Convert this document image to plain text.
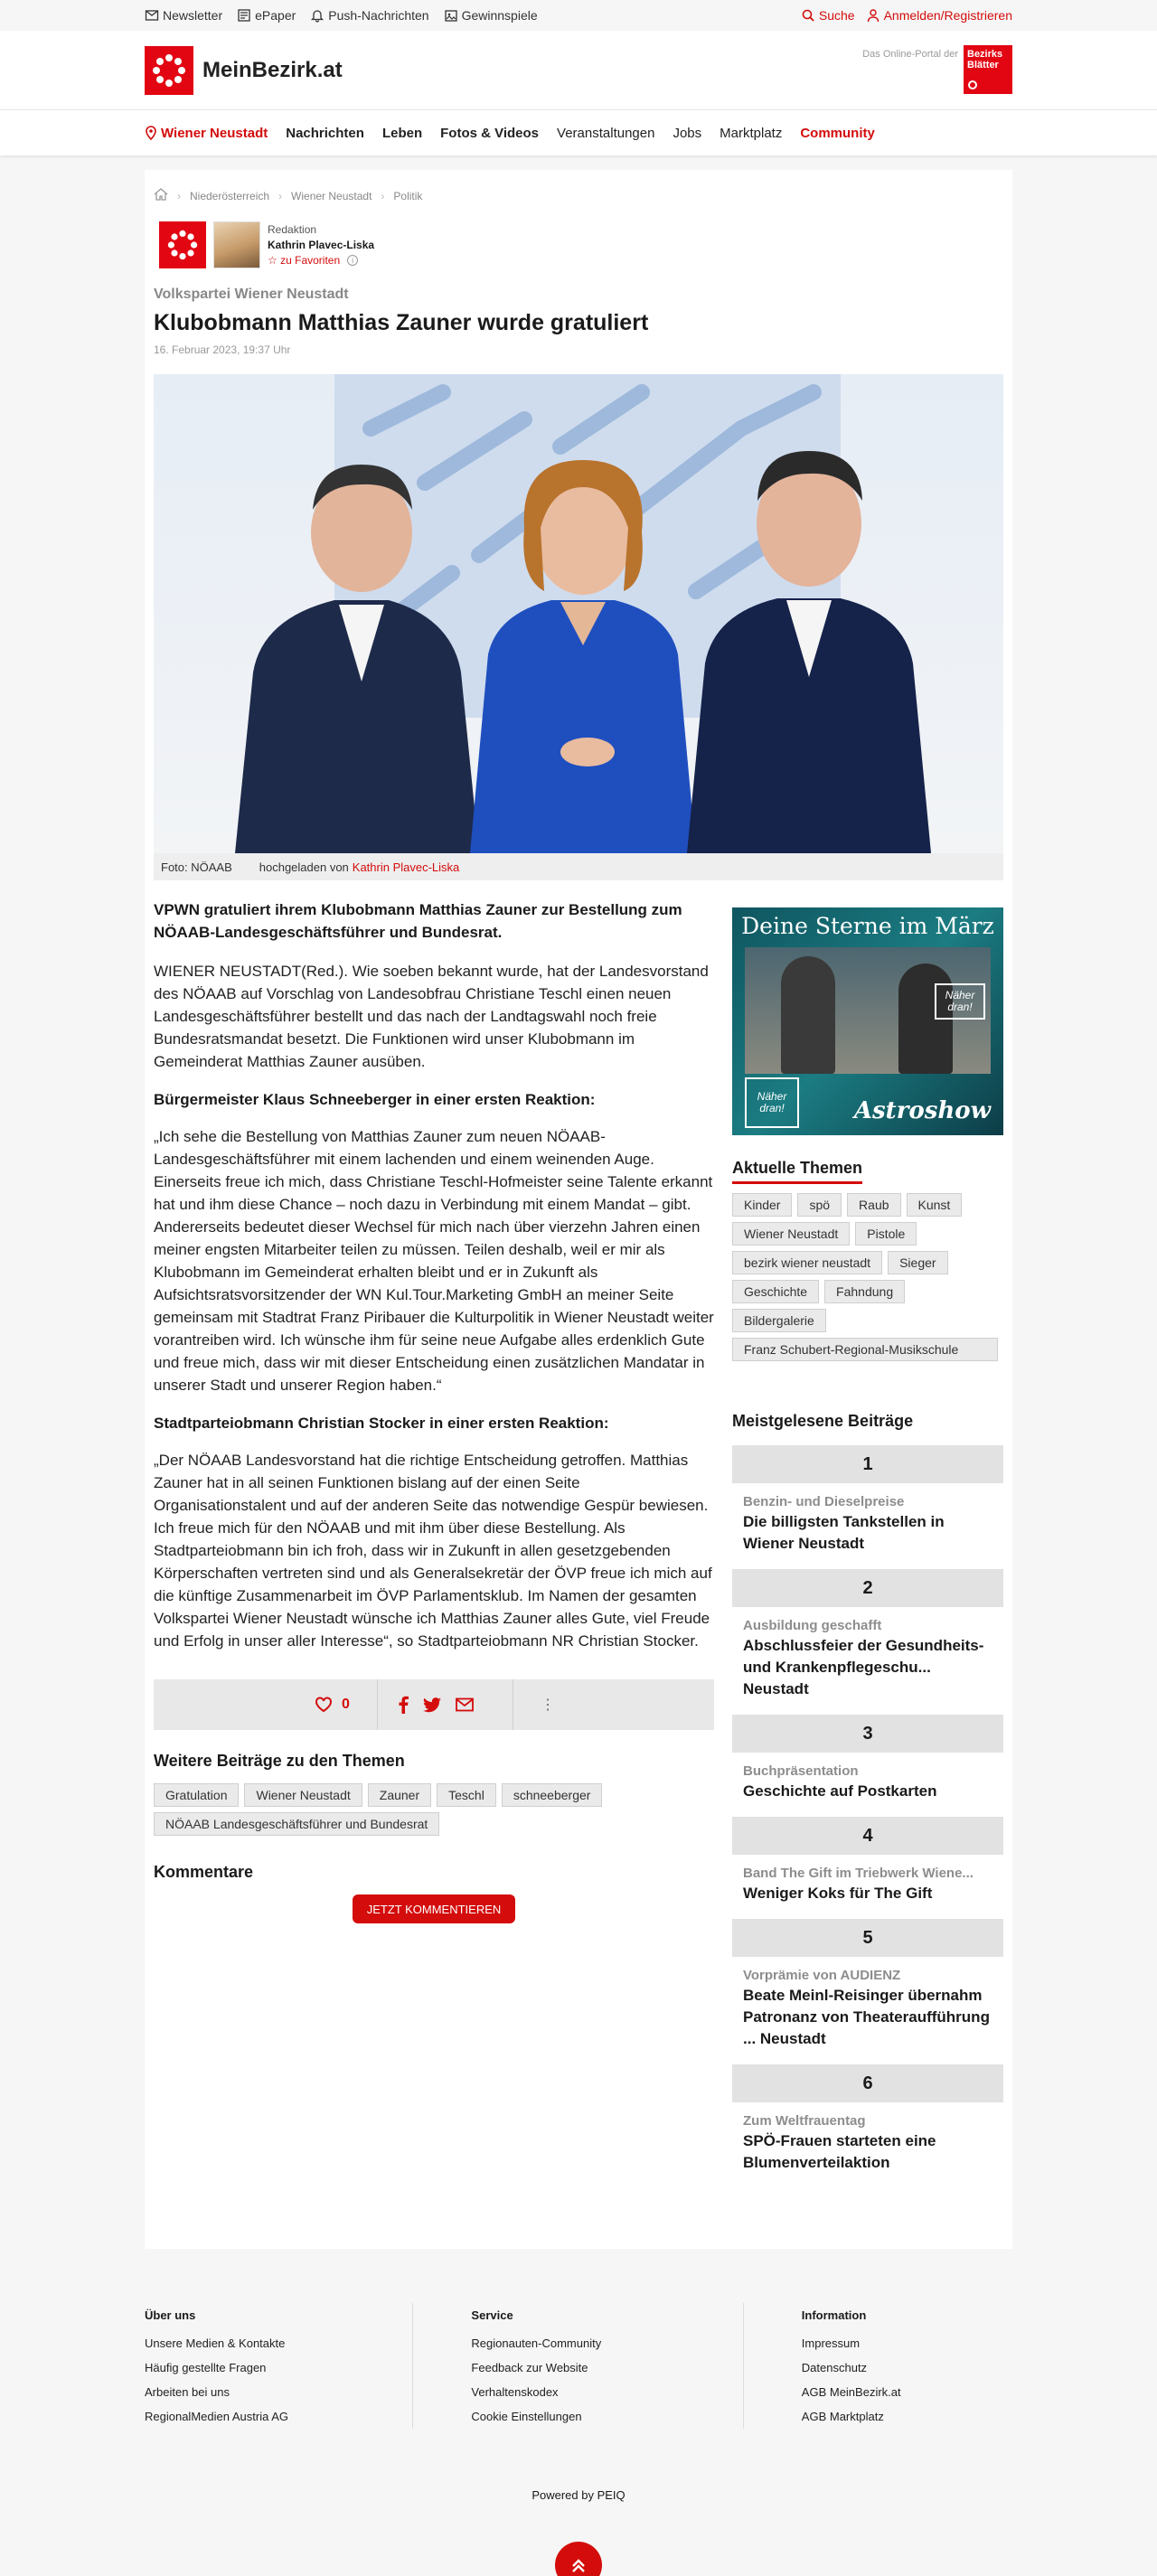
Newsletter	ePaper	Push-Nachrichten	Gewinnspiele	Suche Anmelden/Registrieren
MeinBezirk.at
Das Online-Portal der Bezirks
Blätter
Wiener Neustadt Nachrichten Leben Fotos & Videos Veranstaltungen Jobs Marktplatz Community
› Niederösterreich › Wiener Neustadt › Politik
Redaktion
Kathrin Plavec-Liska
☆
zu Favoriten	i
Volkspartei Wiener Neustadt
Klubobmann Matthias Zauner wurde gratuliert
16. Februar 2023, 19:37 Uhr
Foto: NÖAAB hochgeladen von Kathrin Plavec-Liska
VPWN gratuliert ihrem Klubobmann Matthias Zauner zur Bestellung zum NÖAAB-Landesgeschäftsführer und Bundesrat.

WIENER NEUSTADT(Red.). Wie soeben bekannt wurde, hat der Landesvorstand des NÖAAB auf Vorschlag von Landesobfrau Christiane Teschl einen neuen Landesgeschäftsführer bestellt und das nach der Landtagswahl noch freie Bundesratsmandat besetzt. Die Funktionen wird unser Klubobmann im Gemeinderat Matthias Zauner ausüben.

Bürgermeister Klaus Schneeberger in einer ersten Reaktion:

„Ich sehe die Bestellung von Matthias Zauner zum neuen NÖAAB-Landesgeschäftsführer mit einem lachenden und einem weinenden Auge. Einerseits freue ich mich, dass Christiane Teschl-Hofmeister seine Talente erkannt hat und ihm diese Chance – noch dazu in Verbindung mit einem Mandat – gibt. Andererseits bedeutet dieser Wechsel für mich nach über vierzehn Jahren einen meiner engsten Mitarbeiter teilen zu müssen. Teilen deshalb, weil er mir als Klubobmann im Gemeinderat erhalten bleibt und er in Zukunft als Aufsichtsratsvorsitzender der WN Kul.Tour.Marketing GmbH an meiner Seite gemeinsam mit Stadtrat Franz Piribauer die Kulturpolitik in Wiener Neustadt weiter vorantreiben wird. Ich wünsche ihm für seine neue Aufgabe alles erdenklich Gute und freue mich, dass wir mit dieser Entscheidung einen zusätzlichen Mandatar in unserer Stadt und unserer Region haben.“

Stadtparteiobmann Christian Stocker in einer ersten Reaktion:

„Der NÖAAB Landesvorstand hat die richtige Entscheidung getroffen. Matthias Zauner hat in all seinen Funktionen bislang auf der einen Seite Organisationstalent und auf der anderen Seite das notwendige Gespür bewiesen. Ich freue mich für den NÖAAB und mit ihm über diese Bestellung. Als Stadtparteiobmann bin ich froh, dass wir in Zukunft in allen gesetzgebenden Körperschaften vertreten sind und als Generalsekretär der ÖVP freue ich mich auf die künftige Zusammenarbeit im ÖVP Parlamentsklub. Im Namen der gesamten Volkspartei Wiener Neustadt wünsche ich Matthias Zauner alles Gute, viel Freude und Erfolg in unser aller Interesse“, so Stadtparteiobmann NR Christian Stocker.

0	⋮
Weitere Beiträge zu den Themen
Gratulation	Wiener Neustadt	Zauner	Teschl	schneeberger
NÖAAB Landesgeschäftsführer und Bundesrat
Kommentare
JETZT KOMMENTIEREN
Deine Sterne im März
Näher dran!
Näher dran!	Astroshow
Aktuelle Themen
Kinder	spö	Raub	Kunst
Wiener Neustadt	Pistole
bezirk wiener neustadt	Sieger
Geschichte	Fahndung
Bildergalerie
Franz Schubert-Regional-Musikschule
Meistgelesene Beiträge
1
Benzin- und Dieselpreise
Die billigsten Tankstellen in Wiener Neustadt
2
Ausbildung geschafft
Abschlussfeier der Gesundheits- und Krankenpflegeschu... Neustadt
3
Buchpräsentation
Geschichte auf Postkarten
4
Band The Gift im Triebwerk Wiene...
Weniger Koks für The Gift
5
Vorprämie von AUDIENZ
Beate Meinl-Reisinger übernahm Patronanz von Theateraufführung ... Neustadt
6
Zum Weltfrauentag
SPÖ-Frauen starteten eine Blumenverteilaktion
Über uns
Unsere Medien & Kontakte
Häufig gestellte Fragen
Arbeiten bei uns
RegionalMedien Austria AG
Service
Regionauten-Community
Feedback zur Website
Verhaltenskodex
Cookie Einstellungen
Information
Impressum
Datenschutz
AGB MeinBezirk.at
AGB Marktplatz
Powered by PEIQ
